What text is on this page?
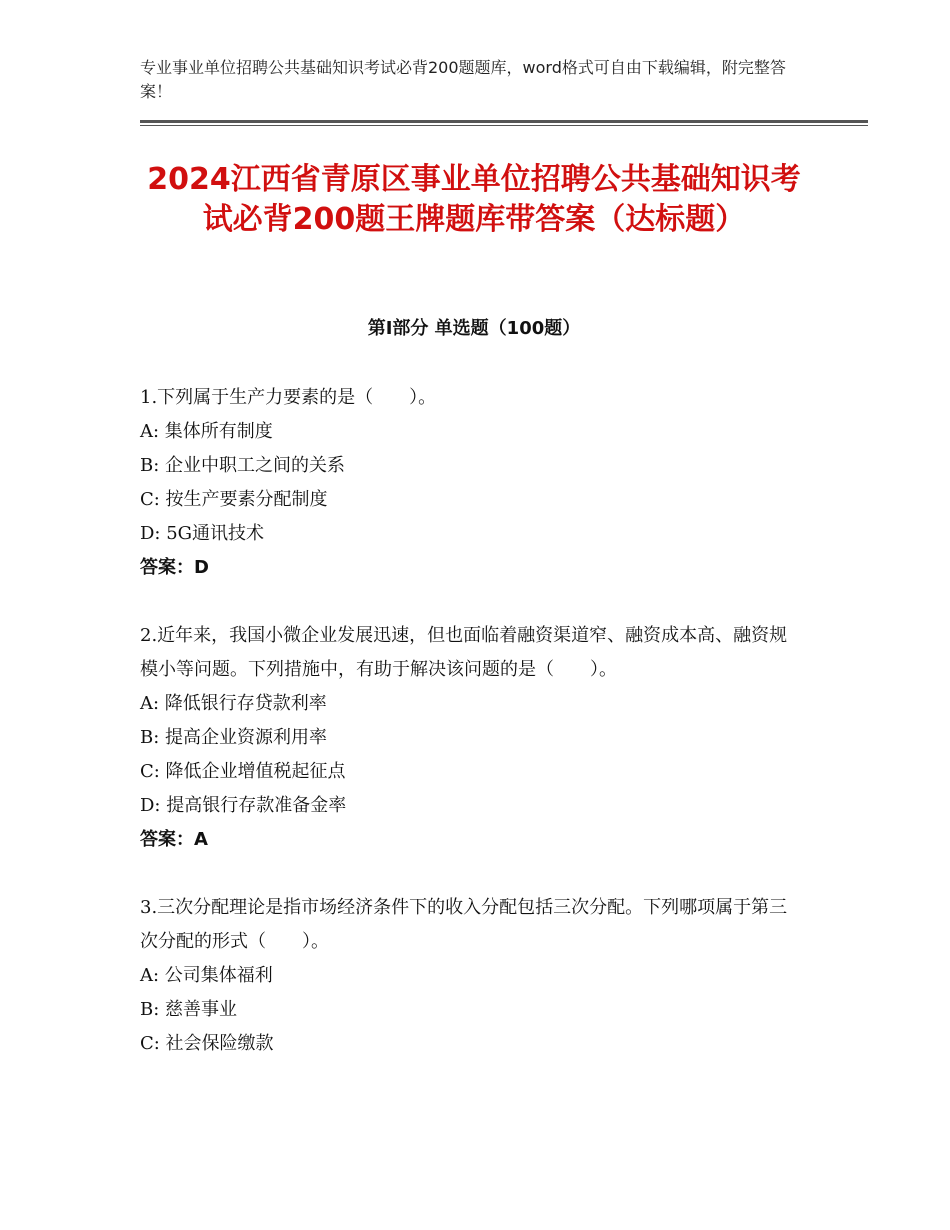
专业事业单位招聘公共基础知识考试必背200题题库，word格式可自由下载编辑，附完整答案！
2024江西省青原区事业单位招聘公共基础知识考试必背200题王牌题库带答案（达标题）
第Ⅰ部分 单选题（100题）

1.下列属于生产力要素的是（　　）。

A: 集体所有制度

B: 企业中职工之间的关系

C: 按生产要素分配制度

D: 5G通讯技术

答案：D

2.近年来，我国小微企业发展迅速，但也面临着融资渠道窄、融资成本高、融资规模小等问题。下列措施中，有助于解决该问题的是（　　）。

A: 降低银行存贷款利率

B: 提高企业资源利用率

C: 降低企业增值税起征点

D: 提高银行存款准备金率

答案：A

3.三次分配理论是指市场经济条件下的收入分配包括三次分配。下列哪项属于第三次分配的形式（　　）。

A: 公司集体福利

B: 慈善事业

C: 社会保险缴款
